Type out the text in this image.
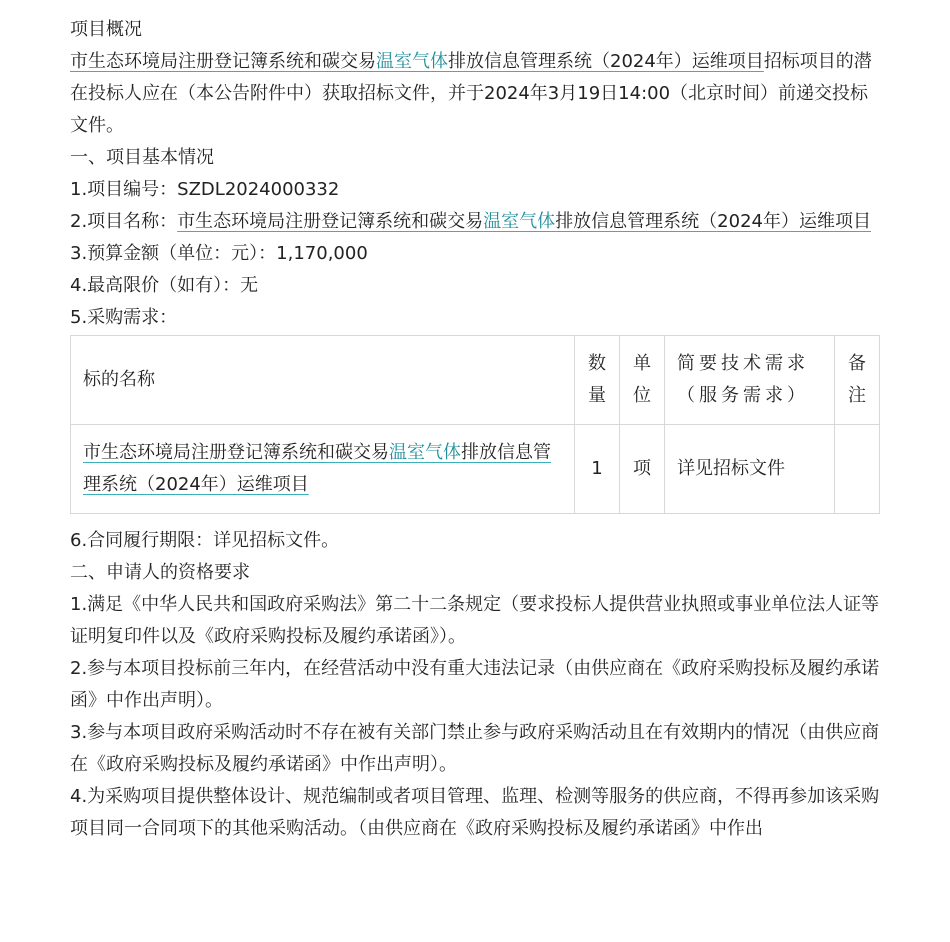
项目概况

市生态环境局注册登记簿系统和碳交易温室气体排放信息管理系统（2024年）运维项目招标项目的潜在投标人应在（本公告附件中）获取招标文件，并于2024年3月19日14:00（北京时间）前递交投标文件。

一、项目基本情况

1.项目编号：SZDL2024000332

2.项目名称：市生态环境局注册登记簿系统和碳交易温室气体排放信息管理系统（2024年）运维项目

3.预算金额（单位：元）：1,170,000

4.最高限价（如有）：无

5.采购需求：

标的名称	数量	单位	简要技术需求（服务需求）	备注
市生态环境局注册登记簿系统和碳交易温室气体排放信息管理系统（2024年）运维项目	1	项	详见招标文件	

6.合同履行期限：详见招标文件。

二、申请人的资格要求

1.满足《中华人民共和国政府采购法》第二十二条规定（要求投标人提供营业执照或事业单位法人证等证明复印件以及《政府采购投标及履约承诺函》）。

2.参与本项目投标前三年内，在经营活动中没有重大违法记录（由供应商在《政府采购投标及履约承诺函》中作出声明）。

3.参与本项目政府采购活动时不存在被有关部门禁止参与政府采购活动且在有效期内的情况（由供应商在《政府采购投标及履约承诺函》中作出声明）。

4.为采购项目提供整体设计、规范编制或者项目管理、监理、检测等服务的供应商，不得再参加该采购项目同一合同项下的其他采购活动。（由供应商在《政府采购投标及履约承诺函》中作出
